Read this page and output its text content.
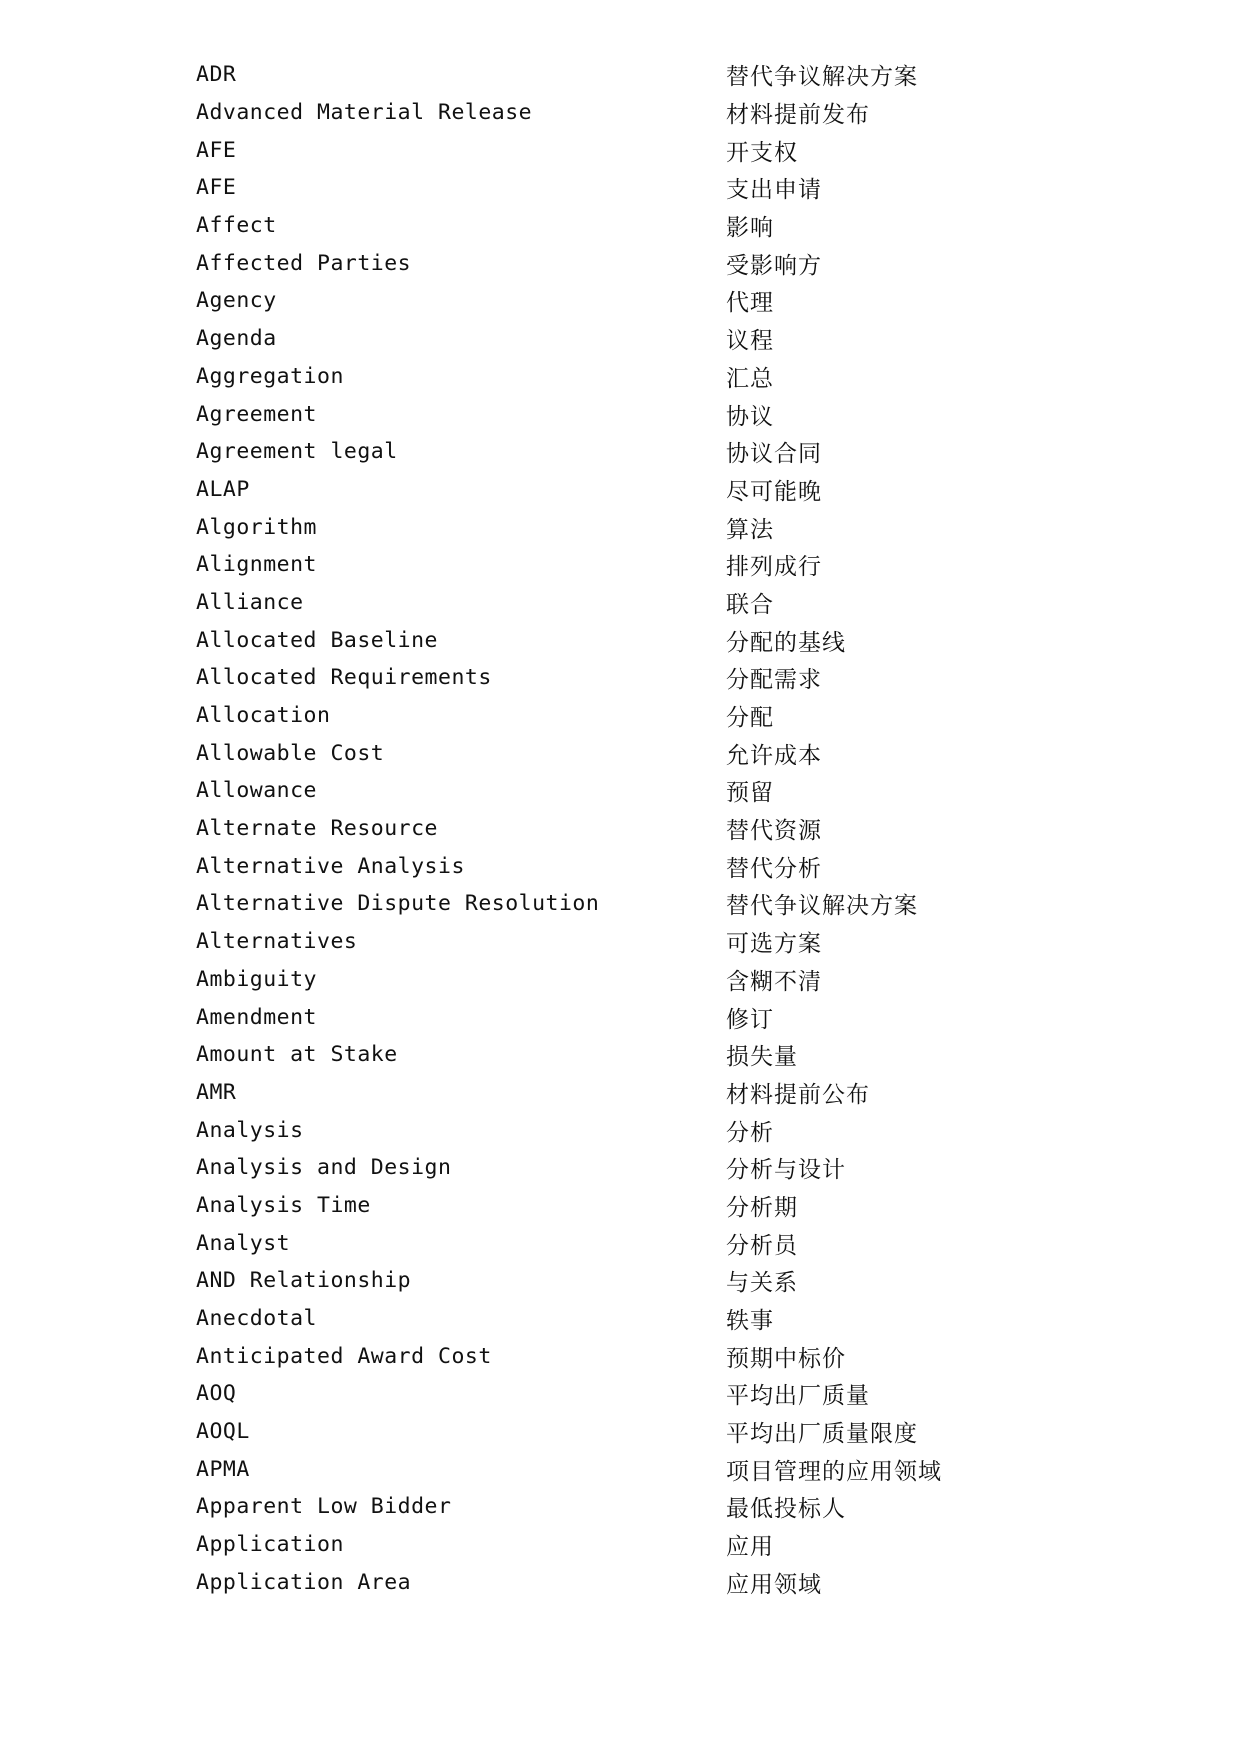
ADR	替代争议解决方案
Advanced Material Release	材料提前发布
AFE	开支权
AFE	支出申请
Affect	影响
Affected Parties	受影响方
Agency	代理
Agenda	议程
Aggregation	汇总
Agreement	协议
Agreement legal	协议合同
ALAP	尽可能晚
Algorithm	算法
Alignment	排列成行
Alliance	联合
Allocated Baseline	分配的基线
Allocated Requirements	分配需求
Allocation	分配
Allowable Cost	允许成本
Allowance	预留
Alternate Resource	替代资源
Alternative Analysis	替代分析
Alternative Dispute Resolution	替代争议解决方案
Alternatives	可选方案
Ambiguity	含糊不清
Amendment	修订
Amount at Stake	损失量
AMR	材料提前公布
Analysis	分析
Analysis and Design	分析与设计
Analysis Time	分析期
Analyst	分析员
AND Relationship	与关系
Anecdotal	轶事
Anticipated Award Cost	预期中标价
AOQ	平均出厂质量
AOQL	平均出厂质量限度
APMA	项目管理的应用领域
Apparent Low Bidder	最低投标人
Application	应用
Application Area	应用领域
